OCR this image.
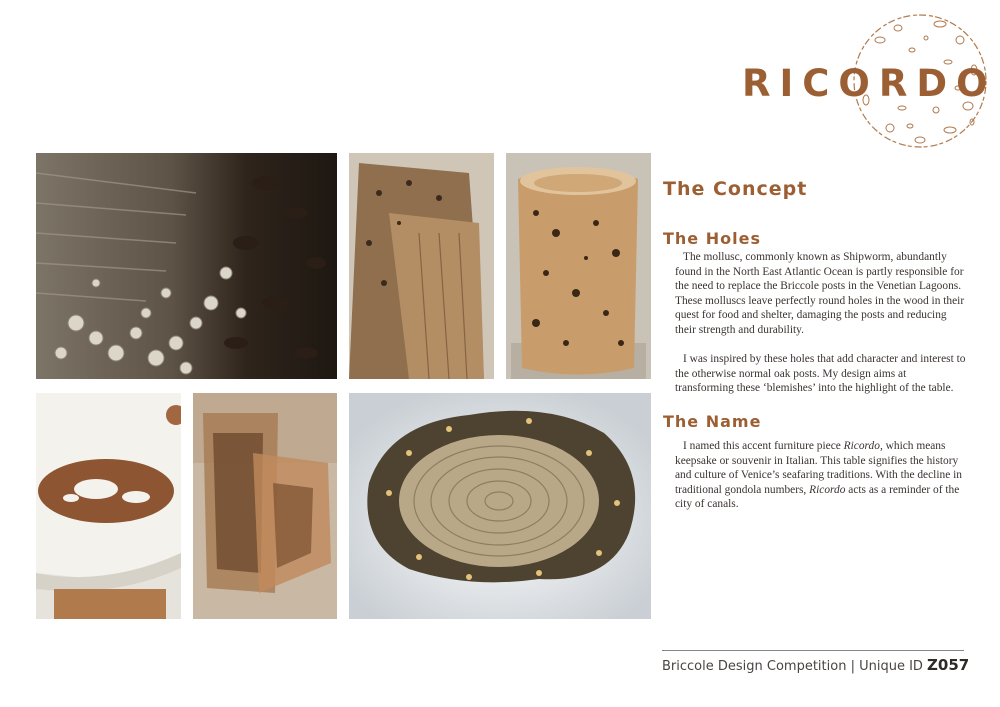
RICORDO
The Concept
The Holes

The mollusc, commonly known as Shipworm, abundantly found in the North East Atlantic Ocean is partly responsible for the need to replace the Briccole posts in the Venetian Lagoons. These molluscs leave perfectly round holes in the wood in their quest for food and shelter, damaging the posts and reducing their strength and durability.

I was inspired by these holes that add character and interest to the otherwise normal oak posts. My design aims at transforming these ‘blemishes’ into the highlight of the table.

The Name

I named this accent furniture piece Ricordo, which means keepsake or souvenir in Italian. This table signifies the history and culture of Venice’s seafaring traditions. With the decline in traditional gondola numbers, Ricordo acts as a reminder of the city of canals.

Briccole Design Competition | Unique ID Z057
